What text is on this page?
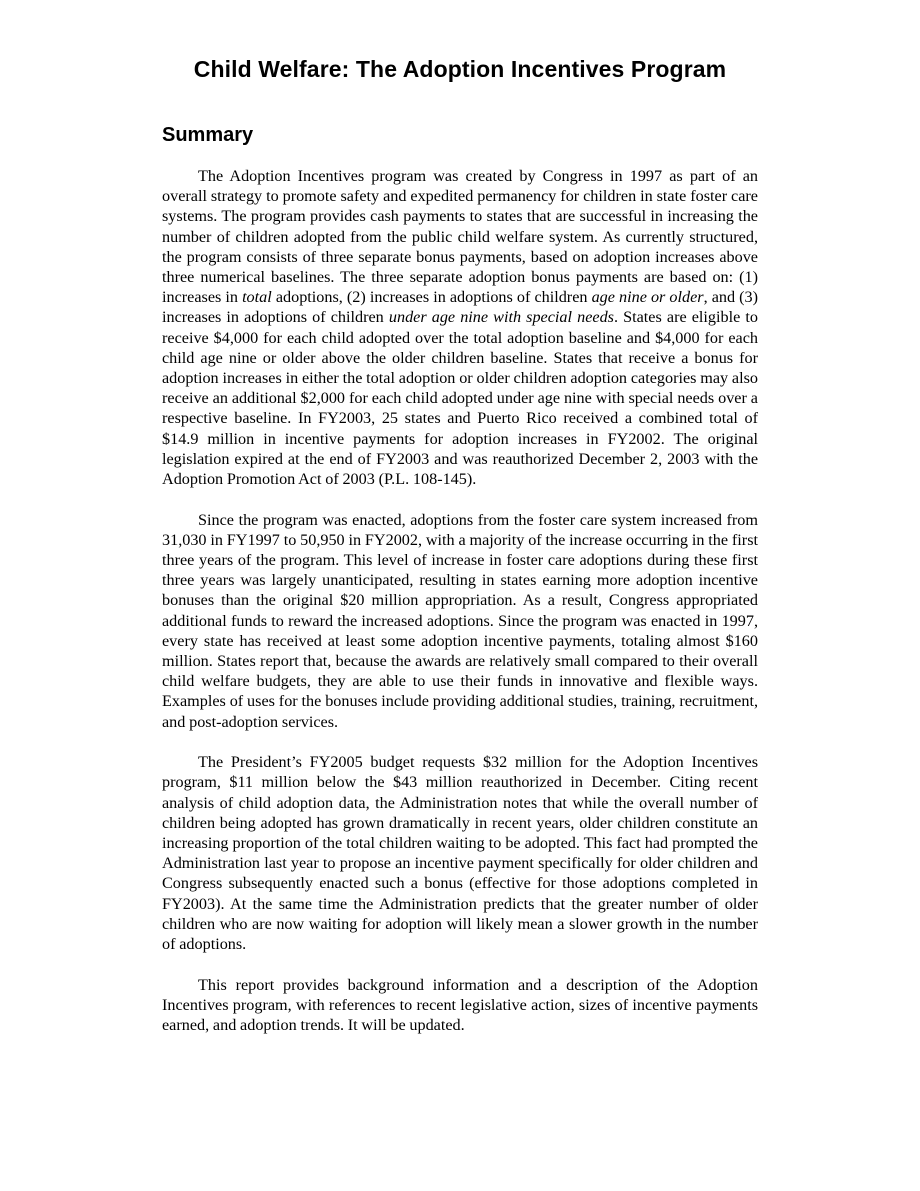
Child Welfare: The Adoption Incentives Program
Summary

The Adoption Incentives program was created by Congress in 1997 as part of an overall strategy to promote safety and expedited permanency for children in state foster care systems. The program provides cash payments to states that are successful in increasing the number of children adopted from the public child welfare system. As currently structured, the program consists of three separate bonus payments, based on adoption increases above three numerical baselines. The three separate adoption bonus payments are based on: (1) increases in total adoptions, (2) increases in adoptions of children age nine or older, and (3) increases in adoptions of children under age nine with special needs. States are eligible to receive $4,000 for each child adopted over the total adoption baseline and $4,000 for each child age nine or older above the older children baseline. States that receive a bonus for adoption increases in either the total adoption or older children adoption categories may also receive an additional $2,000 for each child adopted under age nine with special needs over a respective baseline. In FY2003, 25 states and Puerto Rico received a combined total of $14.9 million in incentive payments for adoption increases in FY2002. The original legislation expired at the end of FY2003 and was reauthorized December 2, 2003 with the Adoption Promotion Act of 2003 (P.L. 108-145).

Since the program was enacted, adoptions from the foster care system increased from 31,030 in FY1997 to 50,950 in FY2002, with a majority of the increase occurring in the first three years of the program. This level of increase in foster care adoptions during these first three years was largely unanticipated, resulting in states earning more adoption incentive bonuses than the original $20 million appropriation. As a result, Congress appropriated additional funds to reward the increased adoptions. Since the program was enacted in 1997, every state has received at least some adoption incentive payments, totaling almost $160 million. States report that, because the awards are relatively small compared to their overall child welfare budgets, they are able to use their funds in innovative and flexible ways. Examples of uses for the bonuses include providing additional studies, training, recruitment, and post-adoption services.

The President’s FY2005 budget requests $32 million for the Adoption Incentives program, $11 million below the $43 million reauthorized in December. Citing recent analysis of child adoption data, the Administration notes that while the overall number of children being adopted has grown dramatically in recent years, older children constitute an increasing proportion of the total children waiting to be adopted. This fact had prompted the Administration last year to propose an incentive payment specifically for older children and Congress subsequently enacted such a bonus (effective for those adoptions completed in FY2003). At the same time the Administration predicts that the greater number of older children who are now waiting for adoption will likely mean a slower growth in the number of adoptions.

This report provides background information and a description of the Adoption Incentives program, with references to recent legislative action, sizes of incentive payments earned, and adoption trends. It will be updated.
